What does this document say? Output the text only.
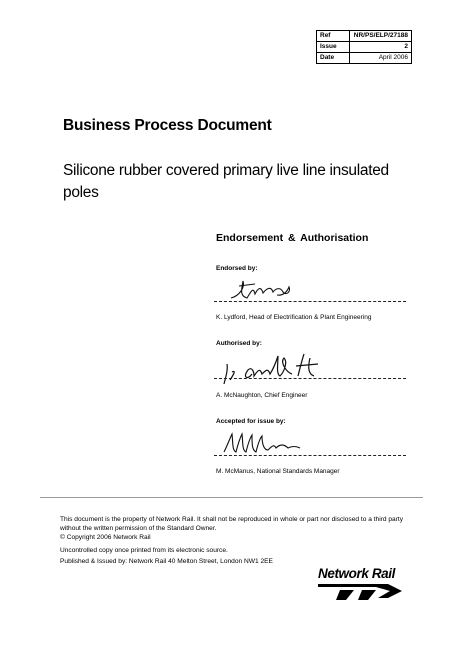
Ref	NR/PS/ELP/27188
Issue	2
Date	April 2006
Business Process Document
Silicone rubber covered primary live line insulated poles
Endorsement & Authorisation
Endorsed by:
K. Lydford, Head of Electrification & Plant Engineering
Authorised by:
A. McNaughton, Chief Engineer
Accepted for issue by:
M. McManus, National Standards Manager
This document is the property of Network Rail. It shall not be reproduced in whole or part nor disclosed to a third party without the written permission of the Standard Owner.
© Copyright 2006 Network Rail
Uncontrolled copy once printed from its electronic source.
Published & Issued by: Network Rail 40 Melton Street, London NW1 2EE
Network Rail
